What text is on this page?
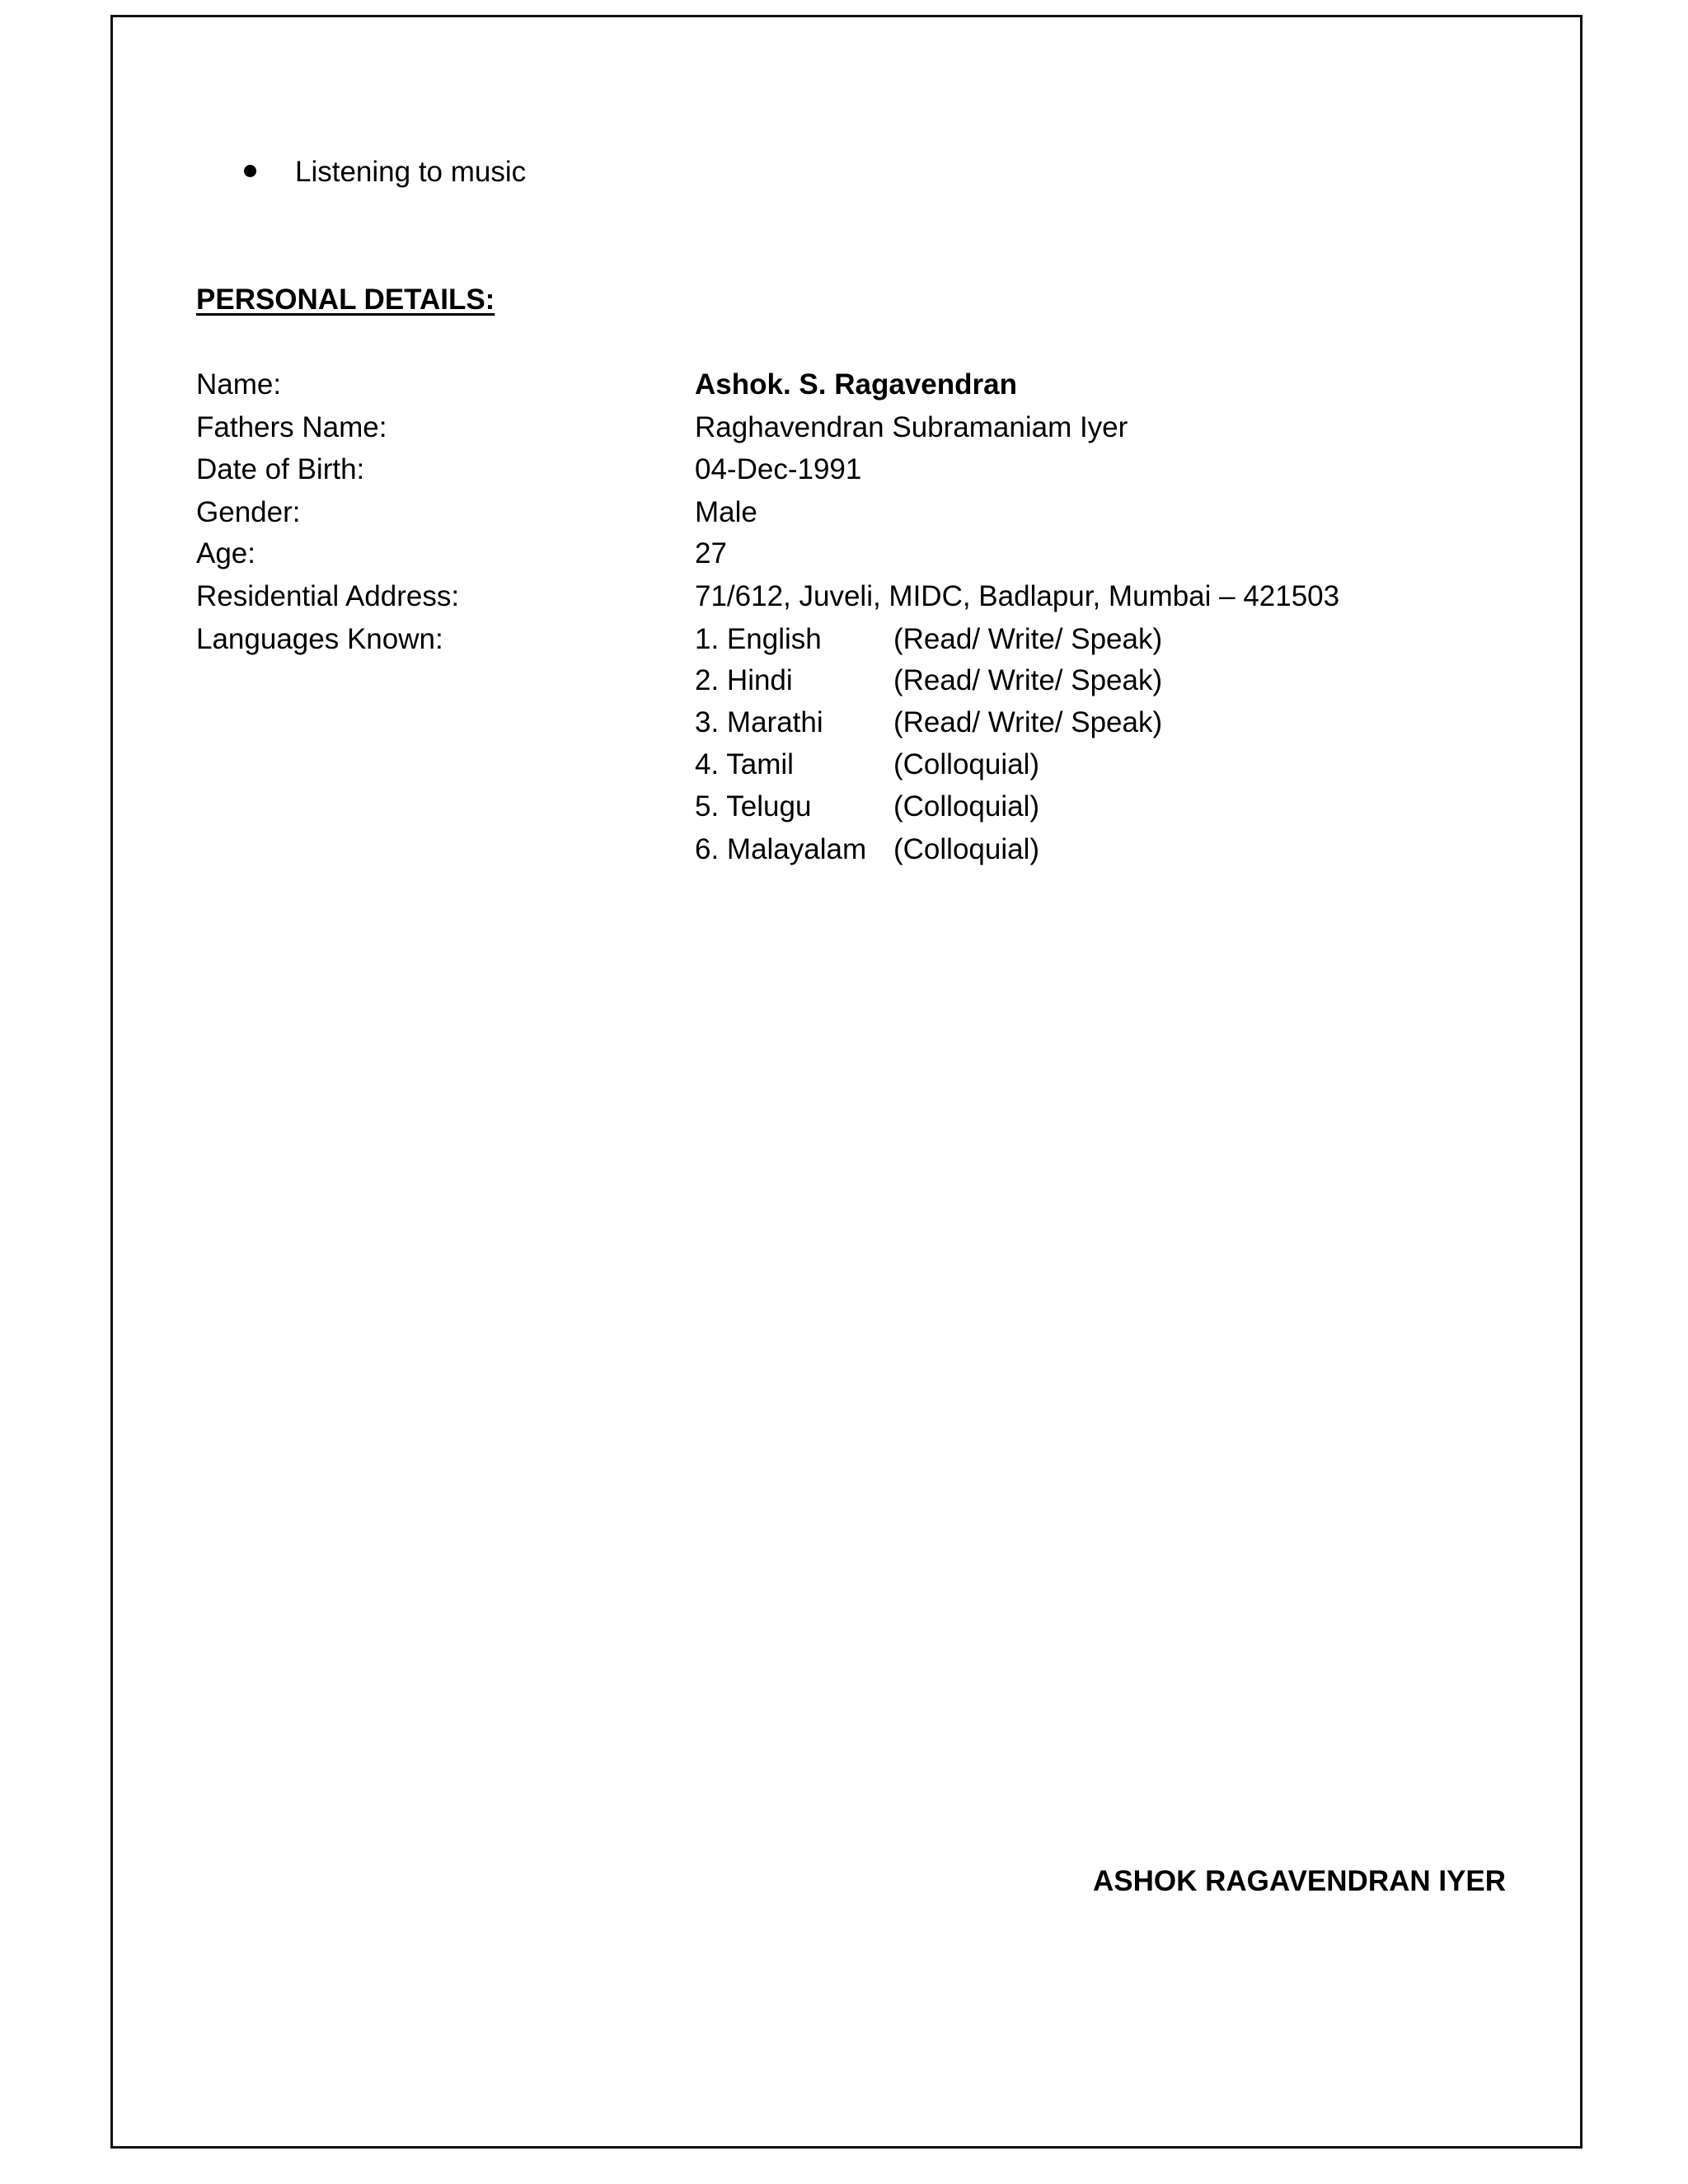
Listening to music
PERSONAL DETAILS:
Name:	Ashok. S. Ragavendran
Fathers Name:	Raghavendran Subramaniam Iyer
Date of Birth:	04-Dec-1991
Gender:	Male
Age:	27
Residential Address:	71/612, Juveli, MIDC, Badlapur, Mumbai – 421503
Languages Known:	1. English (Read/ Write/ Speak)
2. Hindi	(Read/ Write/ Speak)
3. Marathi (Read/ Write/ Speak)
4. Tamil	(Colloquial)
5. Telugu	(Colloquial)
6. Malayalam (Colloquial)
ASHOK RAGAVENDRAN IYER
